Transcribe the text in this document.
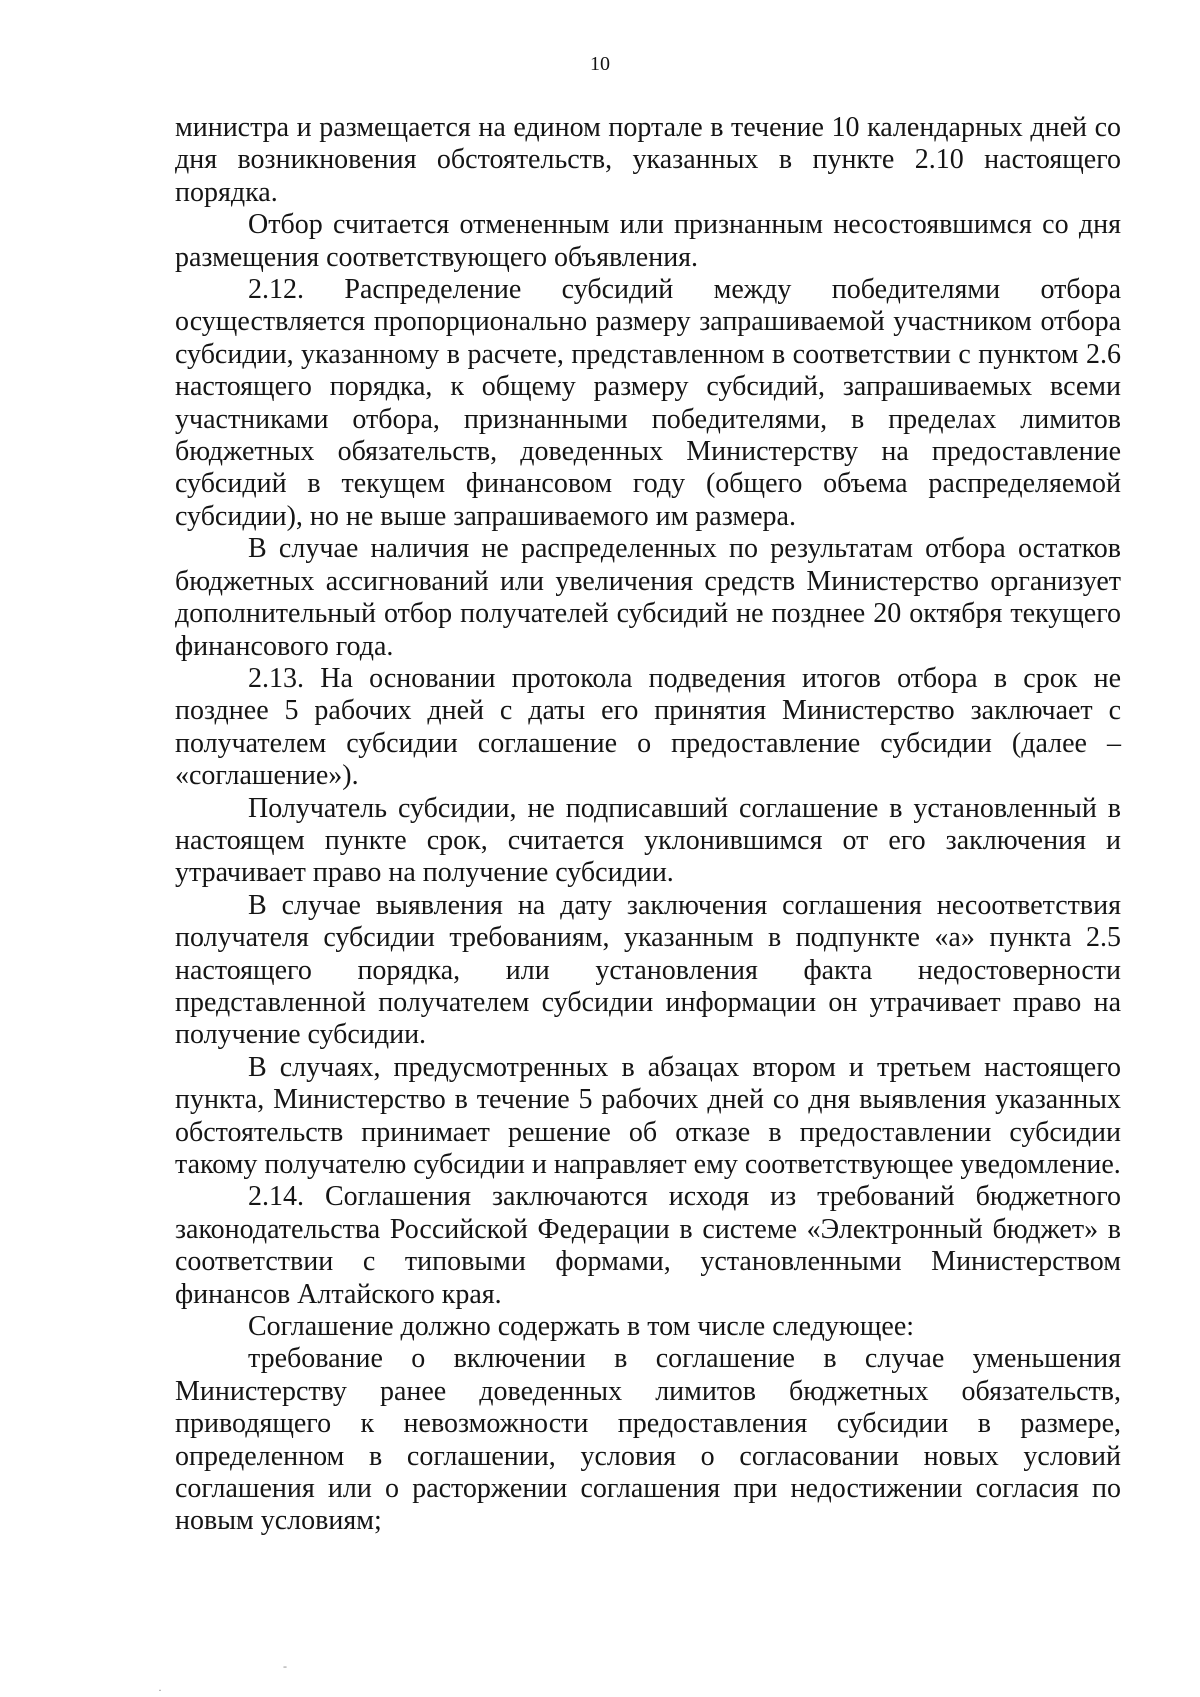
10

министра и размещается на едином портале в течение 10 календарных дней со дня возникновения обстоятельств, указанных в пункте 2.10 настоящего порядка.

Отбор считается отмененным или признанным несостоявшимся со дня размещения соответствующего объявления.

2.12. Распределение субсидий между победителями отбора осуществляется пропорционально размеру запрашиваемой участником отбора субсидии, указанному в расчете, представленном в соответствии с пунктом 2.6 настоящего порядка, к общему размеру субсидий, запрашиваемых всеми участниками отбора, признанными победителями, в пределах лимитов бюджетных обязательств, доведенных Министерству на предоставление субсидий в текущем финансовом году (общего объема распределяемой субсидии), но не выше запрашиваемого им размера.

В случае наличия не распределенных по результатам отбора остатков бюджетных ассигнований или увеличения средств Министерство организует дополнительный отбор получателей субсидий не позднее 20 октября текущего финансового года.

2.13. На основании протокола подведения итогов отбора в срок не позднее 5 рабочих дней с даты его принятия Министерство заключает с получателем субсидии соглашение о предоставление субсидии (далее – «соглашение»).

Получатель субсидии, не подписавший соглашение в установленный в настоящем пункте срок, считается уклонившимся от его заключения и утрачивает право на получение субсидии.

В случае выявления на дату заключения соглашения несоответствия получателя субсидии требованиям, указанным в подпункте «а» пункта 2.5 настоящего порядка, или установления факта недостоверности представленной получателем субсидии информации он утрачивает право на получение субсидии.

В случаях, предусмотренных в абзацах втором и третьем настоящего пункта, Министерство в течение 5 рабочих дней со дня выявления указанных обстоятельств принимает решение об отказе в предоставлении субсидии такому получателю субсидии и направляет ему соответствующее уведомление.

2.14. Соглашения заключаются исходя из требований бюджетного законодательства Российской Федерации в системе «Электронный бюджет» в соответствии с типовыми формами, установленными Министерством финансов Алтайского края.

Соглашение должно содержать в том числе следующее:

требование о включении в соглашение в случае уменьшения Министерству ранее доведенных лимитов бюджетных обязательств, приводящего к невозможности предоставления субсидии в размере, определенном в соглашении, условия о согласовании новых условий соглашения или о расторжении соглашения при недостижении согласия по новым условиям;

-
·
